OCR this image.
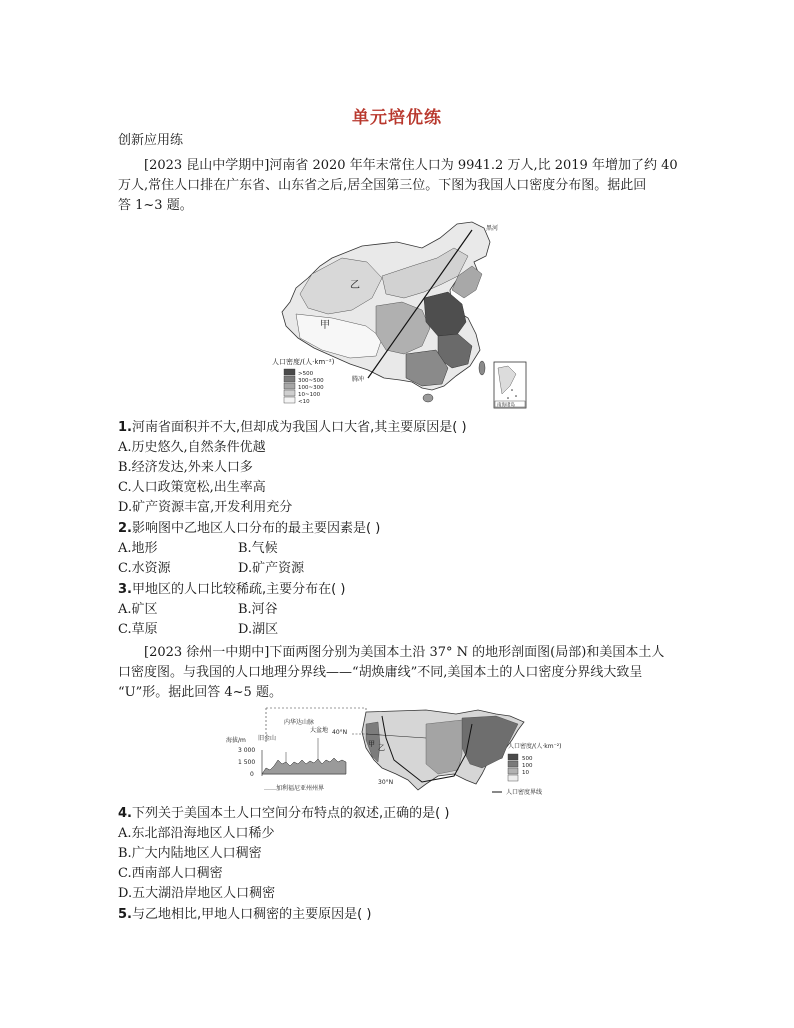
单元培优练
创新应用练
[2023 昆山中学期中]河南省 2020 年年末常住人口为 9941.2 万人,比 2019 年增加了约 40
万人,常住人口排在广东省、山东省之后,居全国第三位。下图为我国人口密度分布图。据此回
答 1~3 题。
乙
甲
黑河
腾冲
人口密度/(人·km⁻²)
>500
300~500
100~300
10~100
<10
南海诸岛
1.河南省面积并不大,但却成为我国人口大省,其主要原因是( )
A.历史悠久,自然条件优越
B.经济发达,外来人口多
C.人口政策宽松,出生率高
D.矿产资源丰富,开发利用充分
2.影响图中乙地区人口分布的最主要因素是( )
A.地形	B.气候
C.水资源	D.矿产资源
3.甲地区的人口比较稀疏,主要分布在( )
A.矿区	B.河谷
C.草原	D.湖区
[2023 徐州一中期中]下面两图分别为美国本土沿 37° N 的地形剖面图(局部)和美国本土人
口密度图。与我国的人口地理分界线——“胡焕庸线”不同,美国本土的人口密度分界线大致呈
“U”形。据此回答 4~5 题。
旧金山
内华达山脉
大盆地
海拔/m
3 000
1 500
0
……加利福尼亚州州界
40°N
30°N
甲 乙	人口密度/(人·km⁻²)
500
100
10
人口密度界线
4.下列关于美国本土人口空间分布特点的叙述,正确的是( )
A.东北部沿海地区人口稀少
B.广大内陆地区人口稠密
C.西南部人口稠密
D.五大湖沿岸地区人口稠密
5.与乙地相比,甲地人口稠密的主要原因是( )
